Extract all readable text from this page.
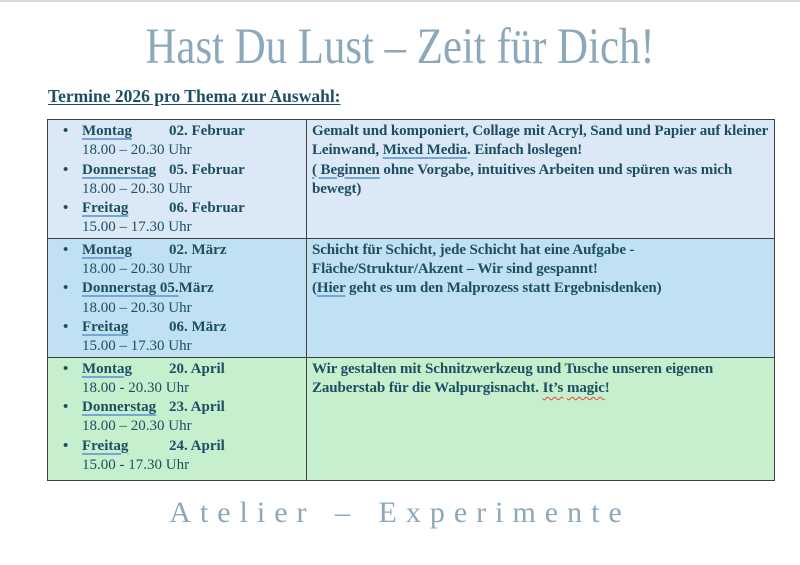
Hast Du Lust – Zeit für Dich!
Termine 2026 pro Thema zur Auswahl:
• Montag 02. Februar
18.00 – 20.30 Uhr
• Donnerstag 05. Februar
18.00 – 20.30 Uhr
• Freitag	06. Februar
15.00 – 17.30 Uhr
	Gemalt und komponiert, Collage mit Acryl, Sand und Papier auf kleiner Leinwand, Mixed Media. Einfach loslegen!
( Beginnen ohne Vorgabe, intuitives Arbeiten und spüren was mich bewegt)

• Montag 02. März
18.00 – 20.30 Uhr
• Donnerstag 05.März
18.00 – 20.30 Uhr
• Freitag	06. März
15.00 – 17.30 Uhr
	Schicht für Schicht, jede Schicht hat eine Aufgabe - Fläche/Struktur/Akzent – Wir sind gespannt!
(Hier geht es um den Malprozess statt Ergebnisdenken)

• Montag 20. April
18.00 - 20.30 Uhr
• Donnerstag 23. April
18.00 – 20.30 Uhr
• Freitag	24. April
15.00 - 17.30 Uhr
	Wir gestalten mit Schnitzwerkzeug und Tusche unseren eigenen Zauberstab für die Walpurgisnacht. It’s magic!
Atelier – Experimente
